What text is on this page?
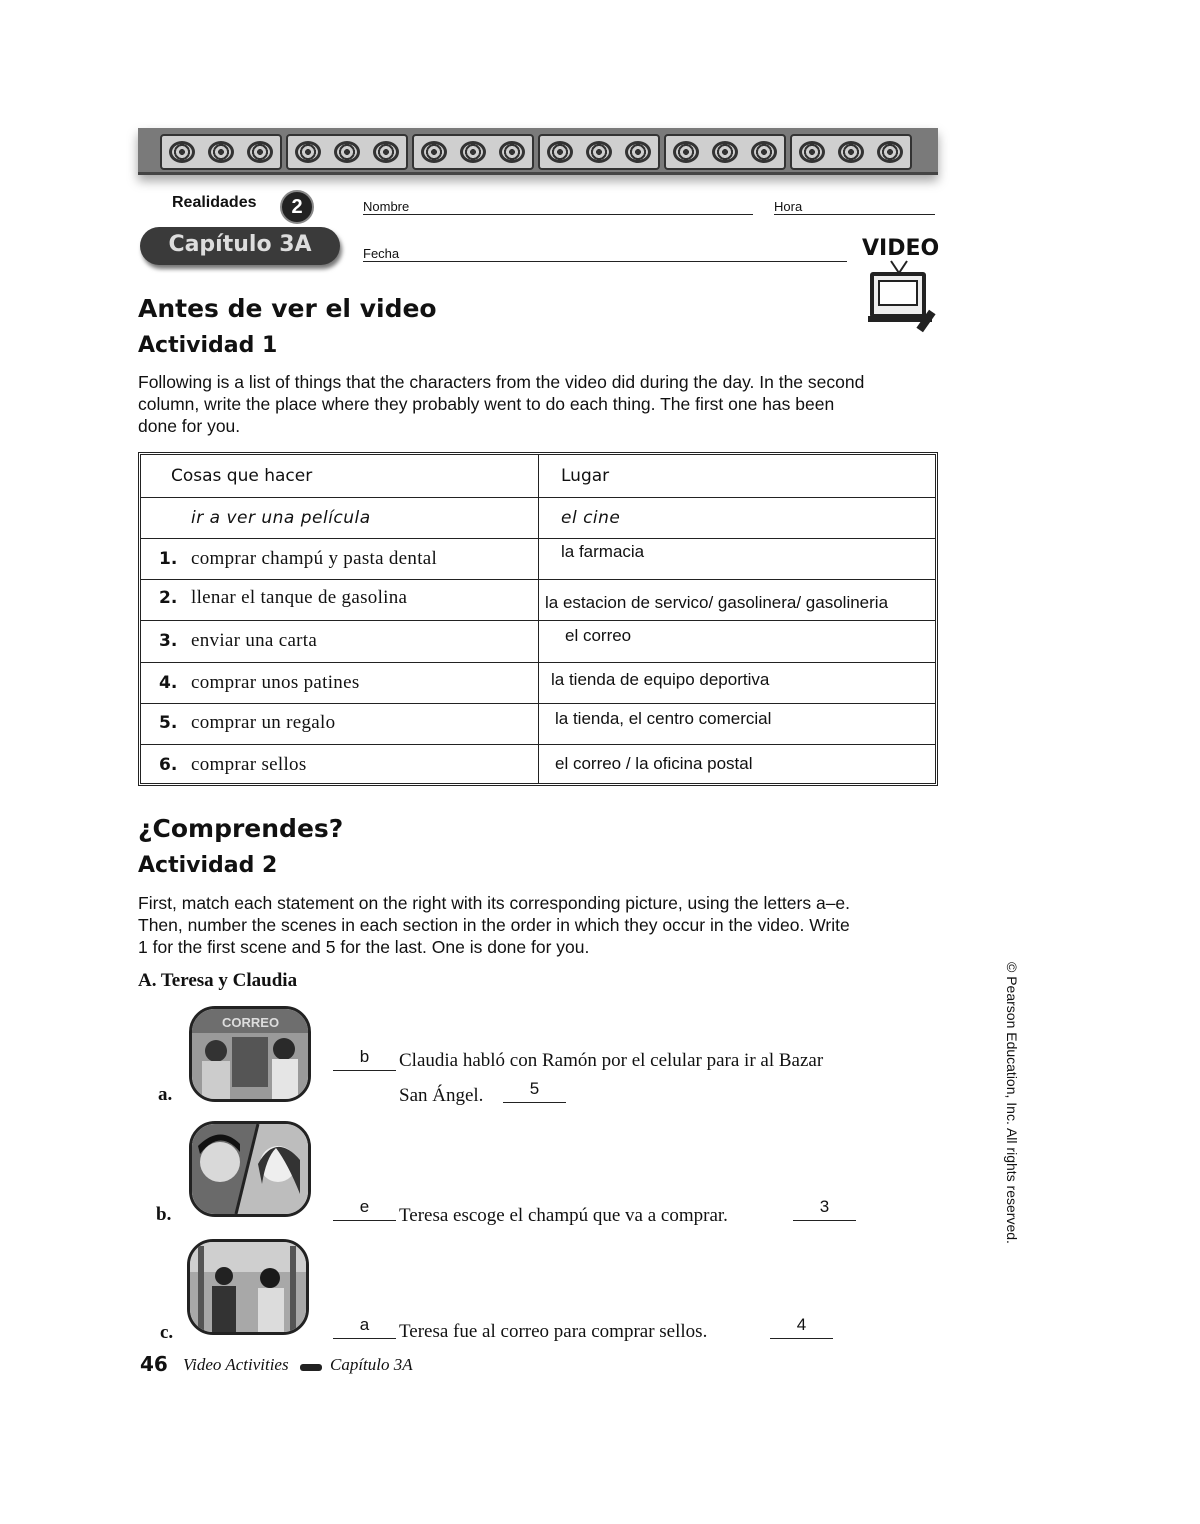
Realidades	2
Capítulo 3A
Nombre	Hora
Fecha	VIDEO
Antes de ver el video
Actividad 1
Following is a list of things that the characters from the video did during the day. In the second
column, write the place where they probably went to do each thing. The first one has been
done for you.
Cosas que hacer	Lugar
ir a ver una película	el cine
1. comprar champú y pasta dental	la farmacia
2. llenar el tanque de gasolina	la estacion de servico/ gasolinera/ gasolineria
3. enviar una carta	el correo
4. comprar unos patines	la tienda de equipo deportiva
5. comprar un regalo	la tienda, el centro comercial
6. comprar sellos	el correo / la oficina postal
¿Comprendes?
Actividad 2
First, match each statement on the right with its corresponding picture, using the letters a–e.
Then, number the scenes in each section in the order in which they occur in the video. Write
1 for the first scene and 5 for the last. One is done for you.
A. Teresa y Claudia
a.
CORREO
b.
c.
b	Claudia habló con Ramón por el celular para ir al Bazar
San Ángel.	5
e	Teresa escoge el champú que va a comprar.	3
a	Teresa fue al correo para comprar sellos.	4
46 Video Activities Capítulo 3A
© Pearson Education, Inc. All rights reserved.
